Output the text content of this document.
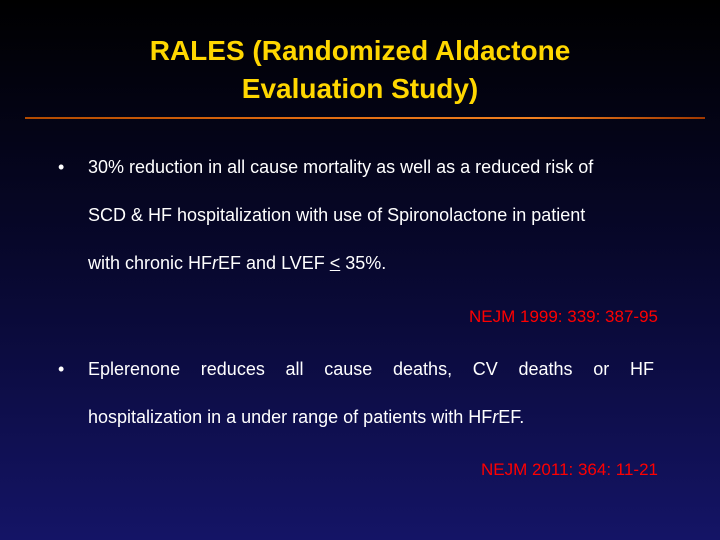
RALES (Randomized Aldactone
Evaluation Study)
• 30% reduction in all cause mortality as well as a reduced risk of
SCD & HF hospitalization with use of Spironolactone in patient
with chronic HFrEF and LVEF ≤ 35%.
NEJM 1999: 339: 387-95
• Eplerenone reduces all cause deaths, CV deaths or HF
hospitalization in a under range of patients with HFrEF.
NEJM 2011: 364: 11-21
